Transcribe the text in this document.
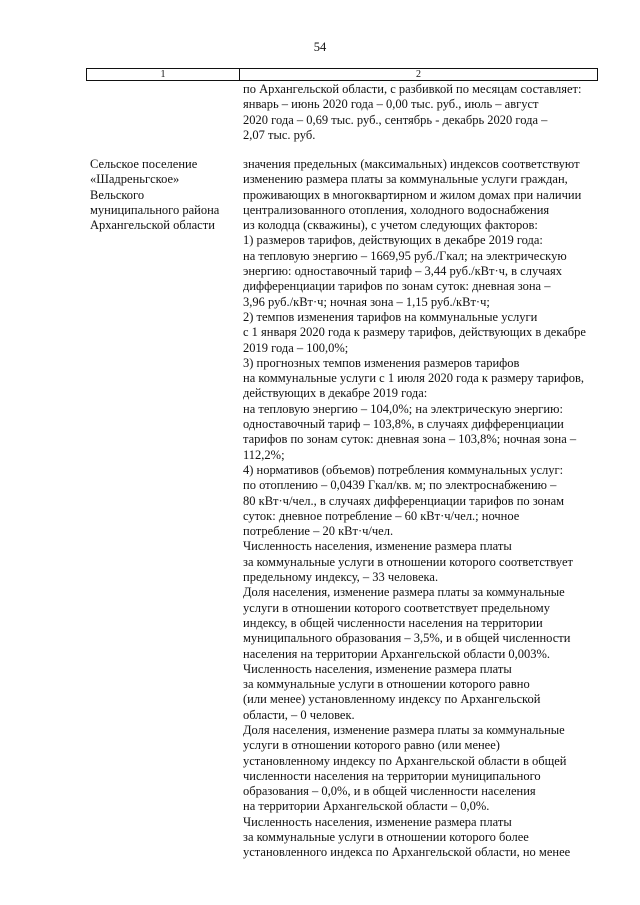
54
1	2
по Архангельской области, с разбивкой по месяцам составляет:
январь – июнь 2020 года – 0,00 тыс. руб., июль – август
2020 года – 0,69 тыс. руб., сентябрь - декабрь 2020 года –
2,07 тыс. руб.
Сельское поселение
«Шадреньгское»
Вельского
муниципального района
Архангельской области
значения предельных (максимальных) индексов соответствуют
изменению размера платы за коммунальные услуги граждан,
проживающих в многоквартирном и жилом домах при наличии
централизованного отопления, холодного водоснабжения
из колодца (скважины), с учетом следующих факторов:
1) размеров тарифов, действующих в декабре 2019 года:
на тепловую энергию – 1669,95 руб./Гкал; на электрическую
энергию: одноставочный тариф – 3,44 руб./кВт·ч, в случаях
дифференциации тарифов по зонам суток: дневная зона –
3,96 руб./кВт·ч; ночная зона – 1,15 руб./кВт·ч;
2) темпов изменения тарифов на коммунальные услуги
с 1 января 2020 года к размеру тарифов, действующих в декабре
2019 года – 100,0%;
3) прогнозных темпов изменения размеров тарифов
на коммунальные услуги с 1 июля 2020 года к размеру тарифов,
действующих в декабре 2019 года:
на тепловую энергию – 104,0%; на электрическую энергию:
одноставочный тариф – 103,8%, в случаях дифференциации
тарифов по зонам суток: дневная зона – 103,8%; ночная зона –
112,2%;
4) нормативов (объемов) потребления коммунальных услуг:
по отоплению – 0,0439 Гкал/кв. м; по электроснабжению –
80 кВт·ч/чел., в случаях дифференциации тарифов по зонам
суток: дневное потребление – 60 кВт·ч/чел.; ночное
потребление – 20 кВт·ч/чел.
Численность населения, изменение размера платы
за коммунальные услуги в отношении которого соответствует
предельному индексу, – 33 человека.
Доля населения, изменение размера платы за коммунальные
услуги в отношении которого соответствует предельному
индексу, в общей численности населения на территории
муниципального образования – 3,5%, и в общей численности
населения на территории Архангельской области 0,003%.
Численность населения, изменение размера платы
за коммунальные услуги в отношении которого равно
(или менее) установленному индексу по Архангельской
области, – 0 человек.
Доля населения, изменение размера платы за коммунальные
услуги в отношении которого равно (или менее)
установленному индексу по Архангельской области в общей
численности населения на территории муниципального
образования – 0,0%, и в общей численности населения
на территории Архангельской области – 0,0%.
Численность населения, изменение размера платы
за коммунальные услуги в отношении которого более
установленного индекса по Архангельской области, но менее
